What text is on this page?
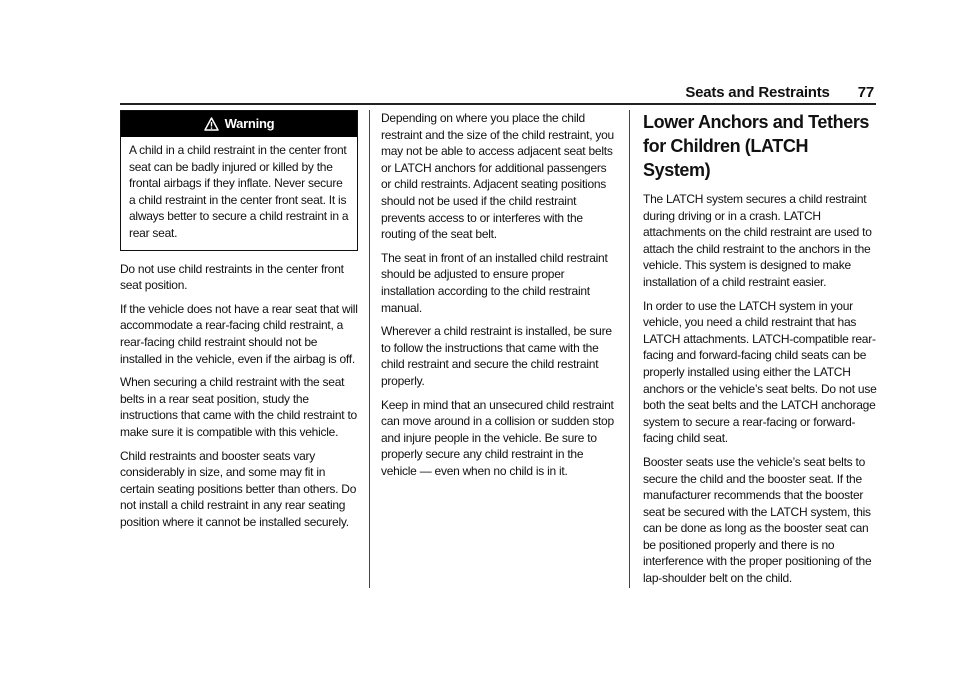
Seats and Restraints 77
Warning
A child in a child restraint in the center front seat can be badly injured or killed by the frontal airbags if they inflate. Never secure a child restraint in the center front seat. It is always better to secure a child restraint in a rear seat.

Do not use child restraints in the center front seat position.

If the vehicle does not have a rear seat that will accommodate a rear-facing child restraint, a rear-facing child restraint should not be installed in the vehicle, even if the airbag is off.

When securing a child restraint with the seat belts in a rear seat position, study the instructions that came with the child restraint to make sure it is compatible with this vehicle.

Child restraints and booster seats vary considerably in size, and some may fit in certain seating positions better than others. Do not install a child restraint in any rear seating position where it cannot be installed securely.

Depending on where you place the child restraint and the size of the child restraint, you may not be able to access adjacent seat belts or LATCH anchors for additional passengers or child restraints. Adjacent seating positions should not be used if the child restraint prevents access to or interferes with the routing of the seat belt.

The seat in front of an installed child restraint should be adjusted to ensure proper installation according to the child restraint manual.

Wherever a child restraint is installed, be sure to follow the instructions that came with the child restraint and secure the child restraint properly.

Keep in mind that an unsecured child restraint can move around in a collision or sudden stop and injure people in the vehicle. Be sure to properly secure any child restraint in the vehicle — even when no child is in it.

Lower Anchors and Tethers for Children (LATCH System)

The LATCH system secures a child restraint during driving or in a crash. LATCH attachments on the child restraint are used to attach the child restraint to the anchors in the vehicle. This system is designed to make installation of a child restraint easier.

In order to use the LATCH system in your vehicle, you need a child restraint that has LATCH attachments. LATCH-compatible rear-facing and forward-facing child seats can be properly installed using either the LATCH anchors or the vehicle’s seat belts. Do not use both the seat belts and the LATCH anchorage system to secure a rear-facing or forward-facing child seat.

Booster seats use the vehicle’s seat belts to secure the child and the booster seat. If the manufacturer recommends that the booster seat be secured with the LATCH system, this can be done as long as the booster seat can be positioned properly and there is no interference with the proper positioning of the lap-shoulder belt on the child.
